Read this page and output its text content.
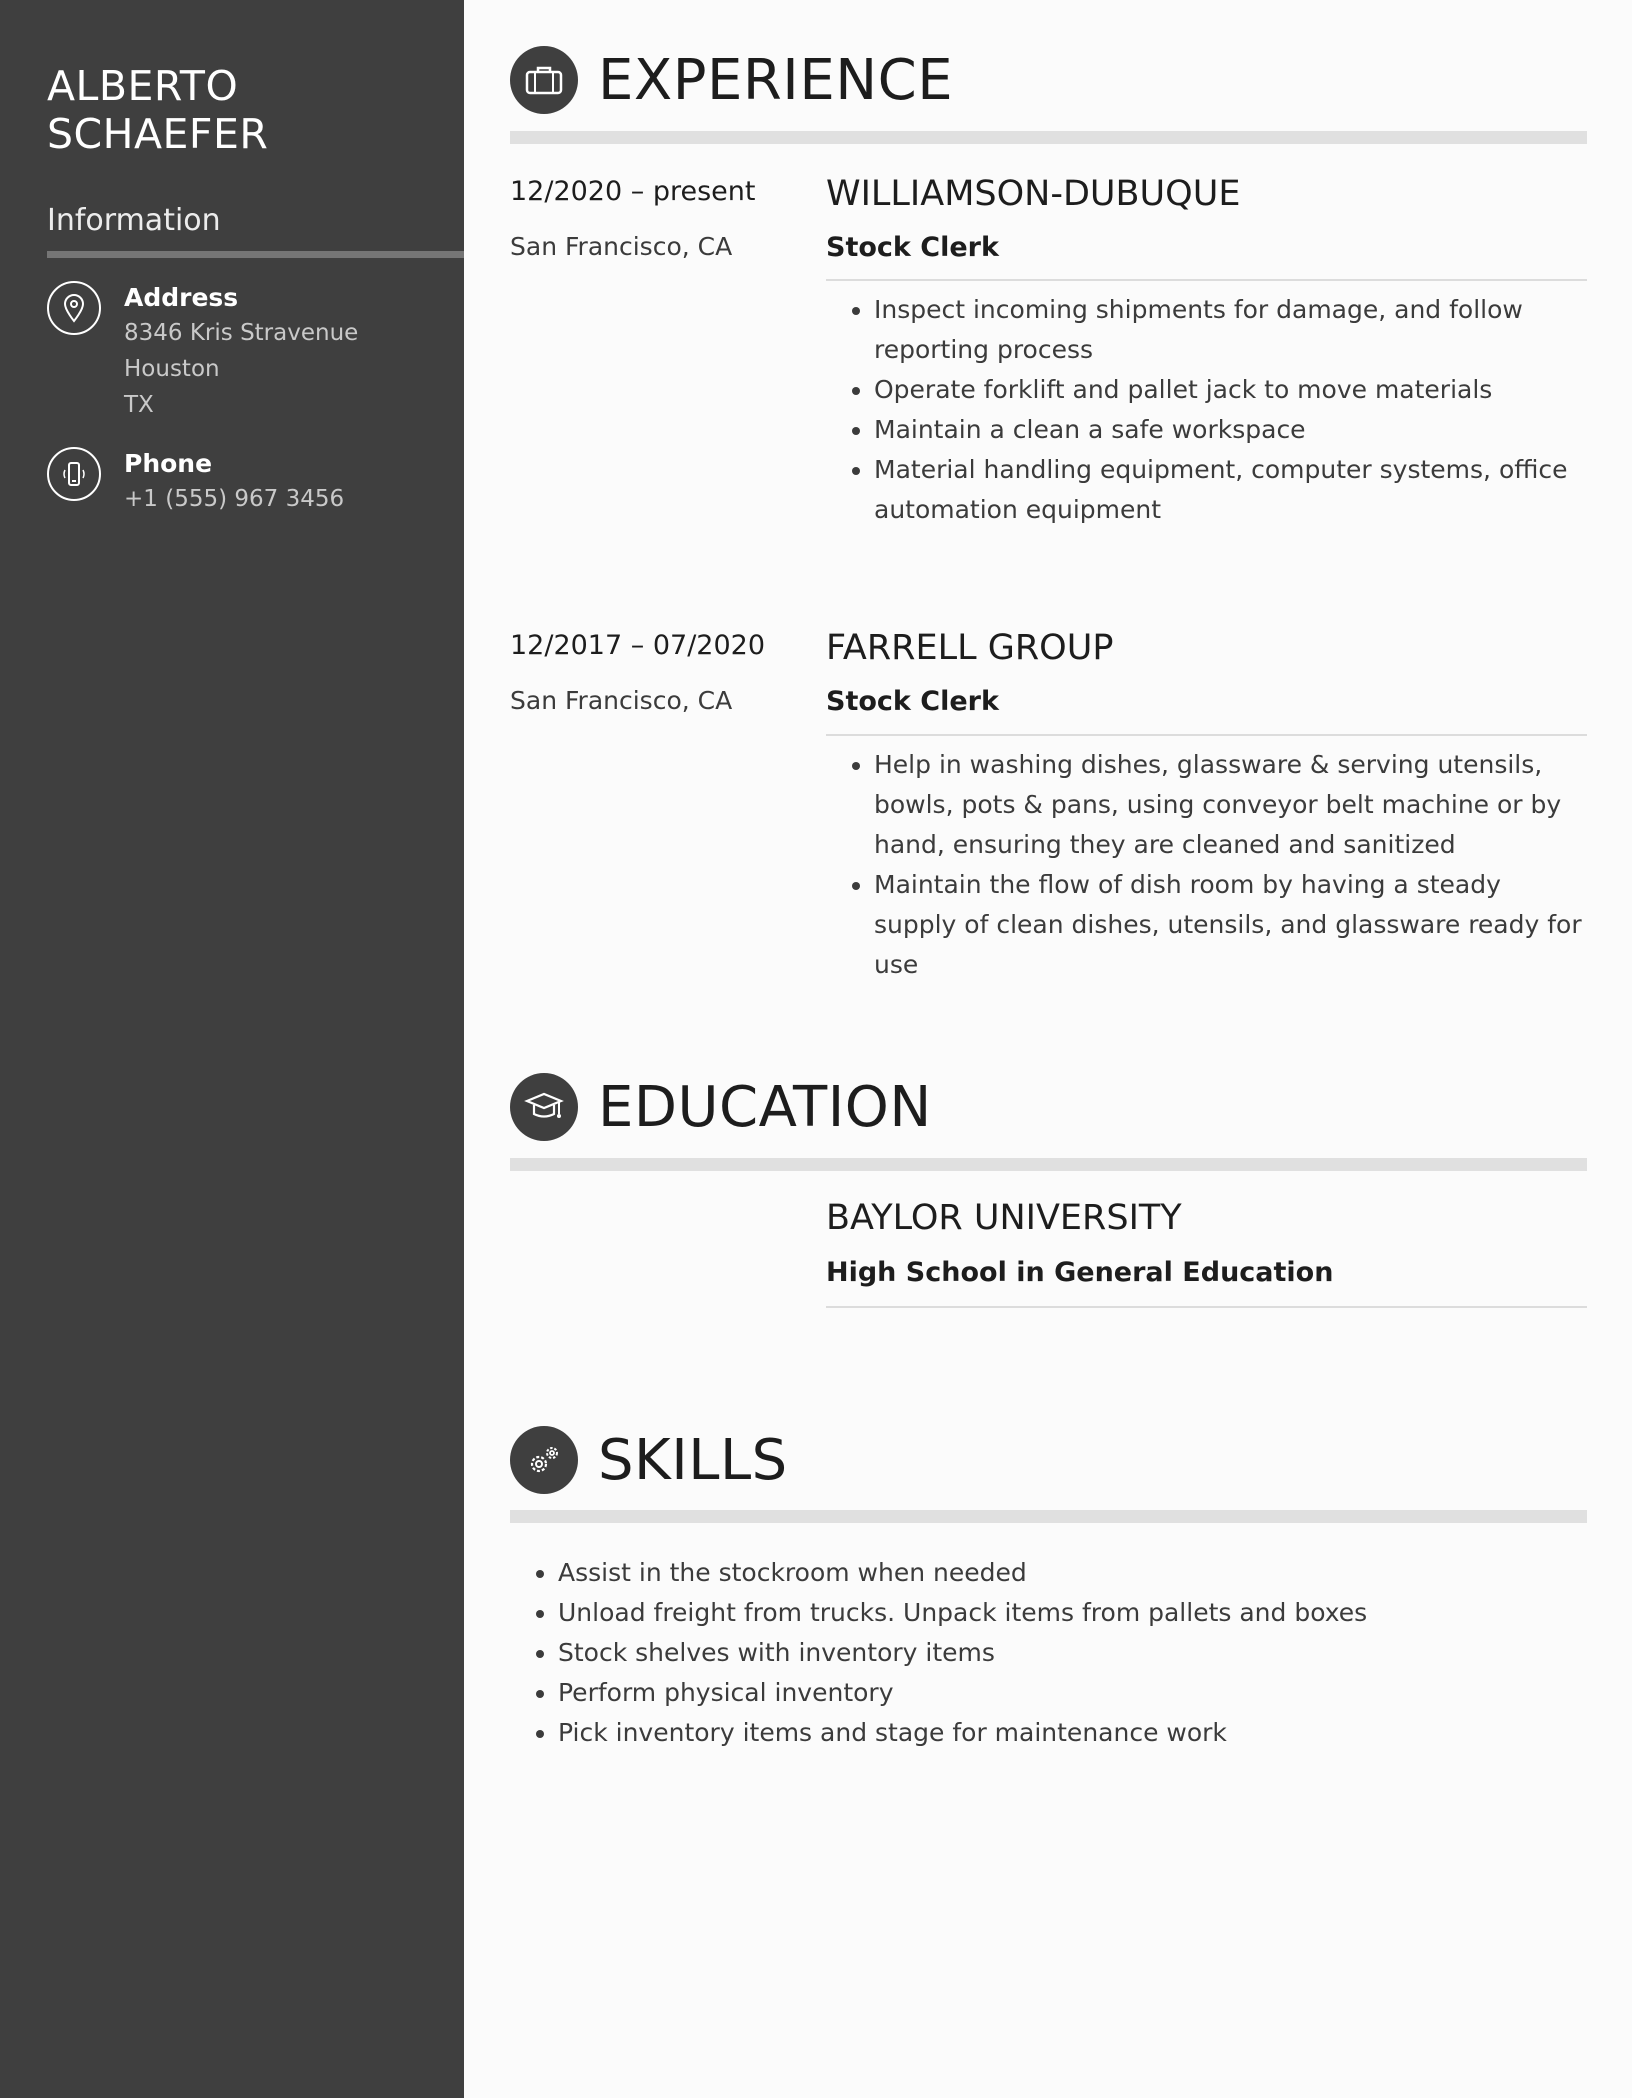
ALBERTO
SCHAEFER
Information
Address
8346 Kris Stravenue
Houston
TX
Phone
+1 (555) 967 3456
EXPERIENCE
12/2020 – present
San Francisco, CA
WILLIAMSON-DUBUQUE
Stock Clerk
• Inspect incoming shipments for damage, and follow reporting process
• Operate forklift and pallet jack to move materials
• Maintain a clean a safe workspace
• Material handling equipment, computer systems, office automation equipment
12/2017 – 07/2020
San Francisco, CA
FARRELL GROUP
Stock Clerk
• Help in washing dishes, glassware & serving utensils, bowls, pots & pans, using conveyor belt machine or by hand, ensuring they are cleaned and sanitized
• Maintain the flow of dish room by having a steady supply of clean dishes, utensils, and glassware ready for use
EDUCATION
BAYLOR UNIVERSITY
High School in General Education
SKILLS
• Assist in the stockroom when needed
• Unload freight from trucks. Unpack items from pallets and boxes
• Stock shelves with inventory items
• Perform physical inventory
• Pick inventory items and stage for maintenance work
